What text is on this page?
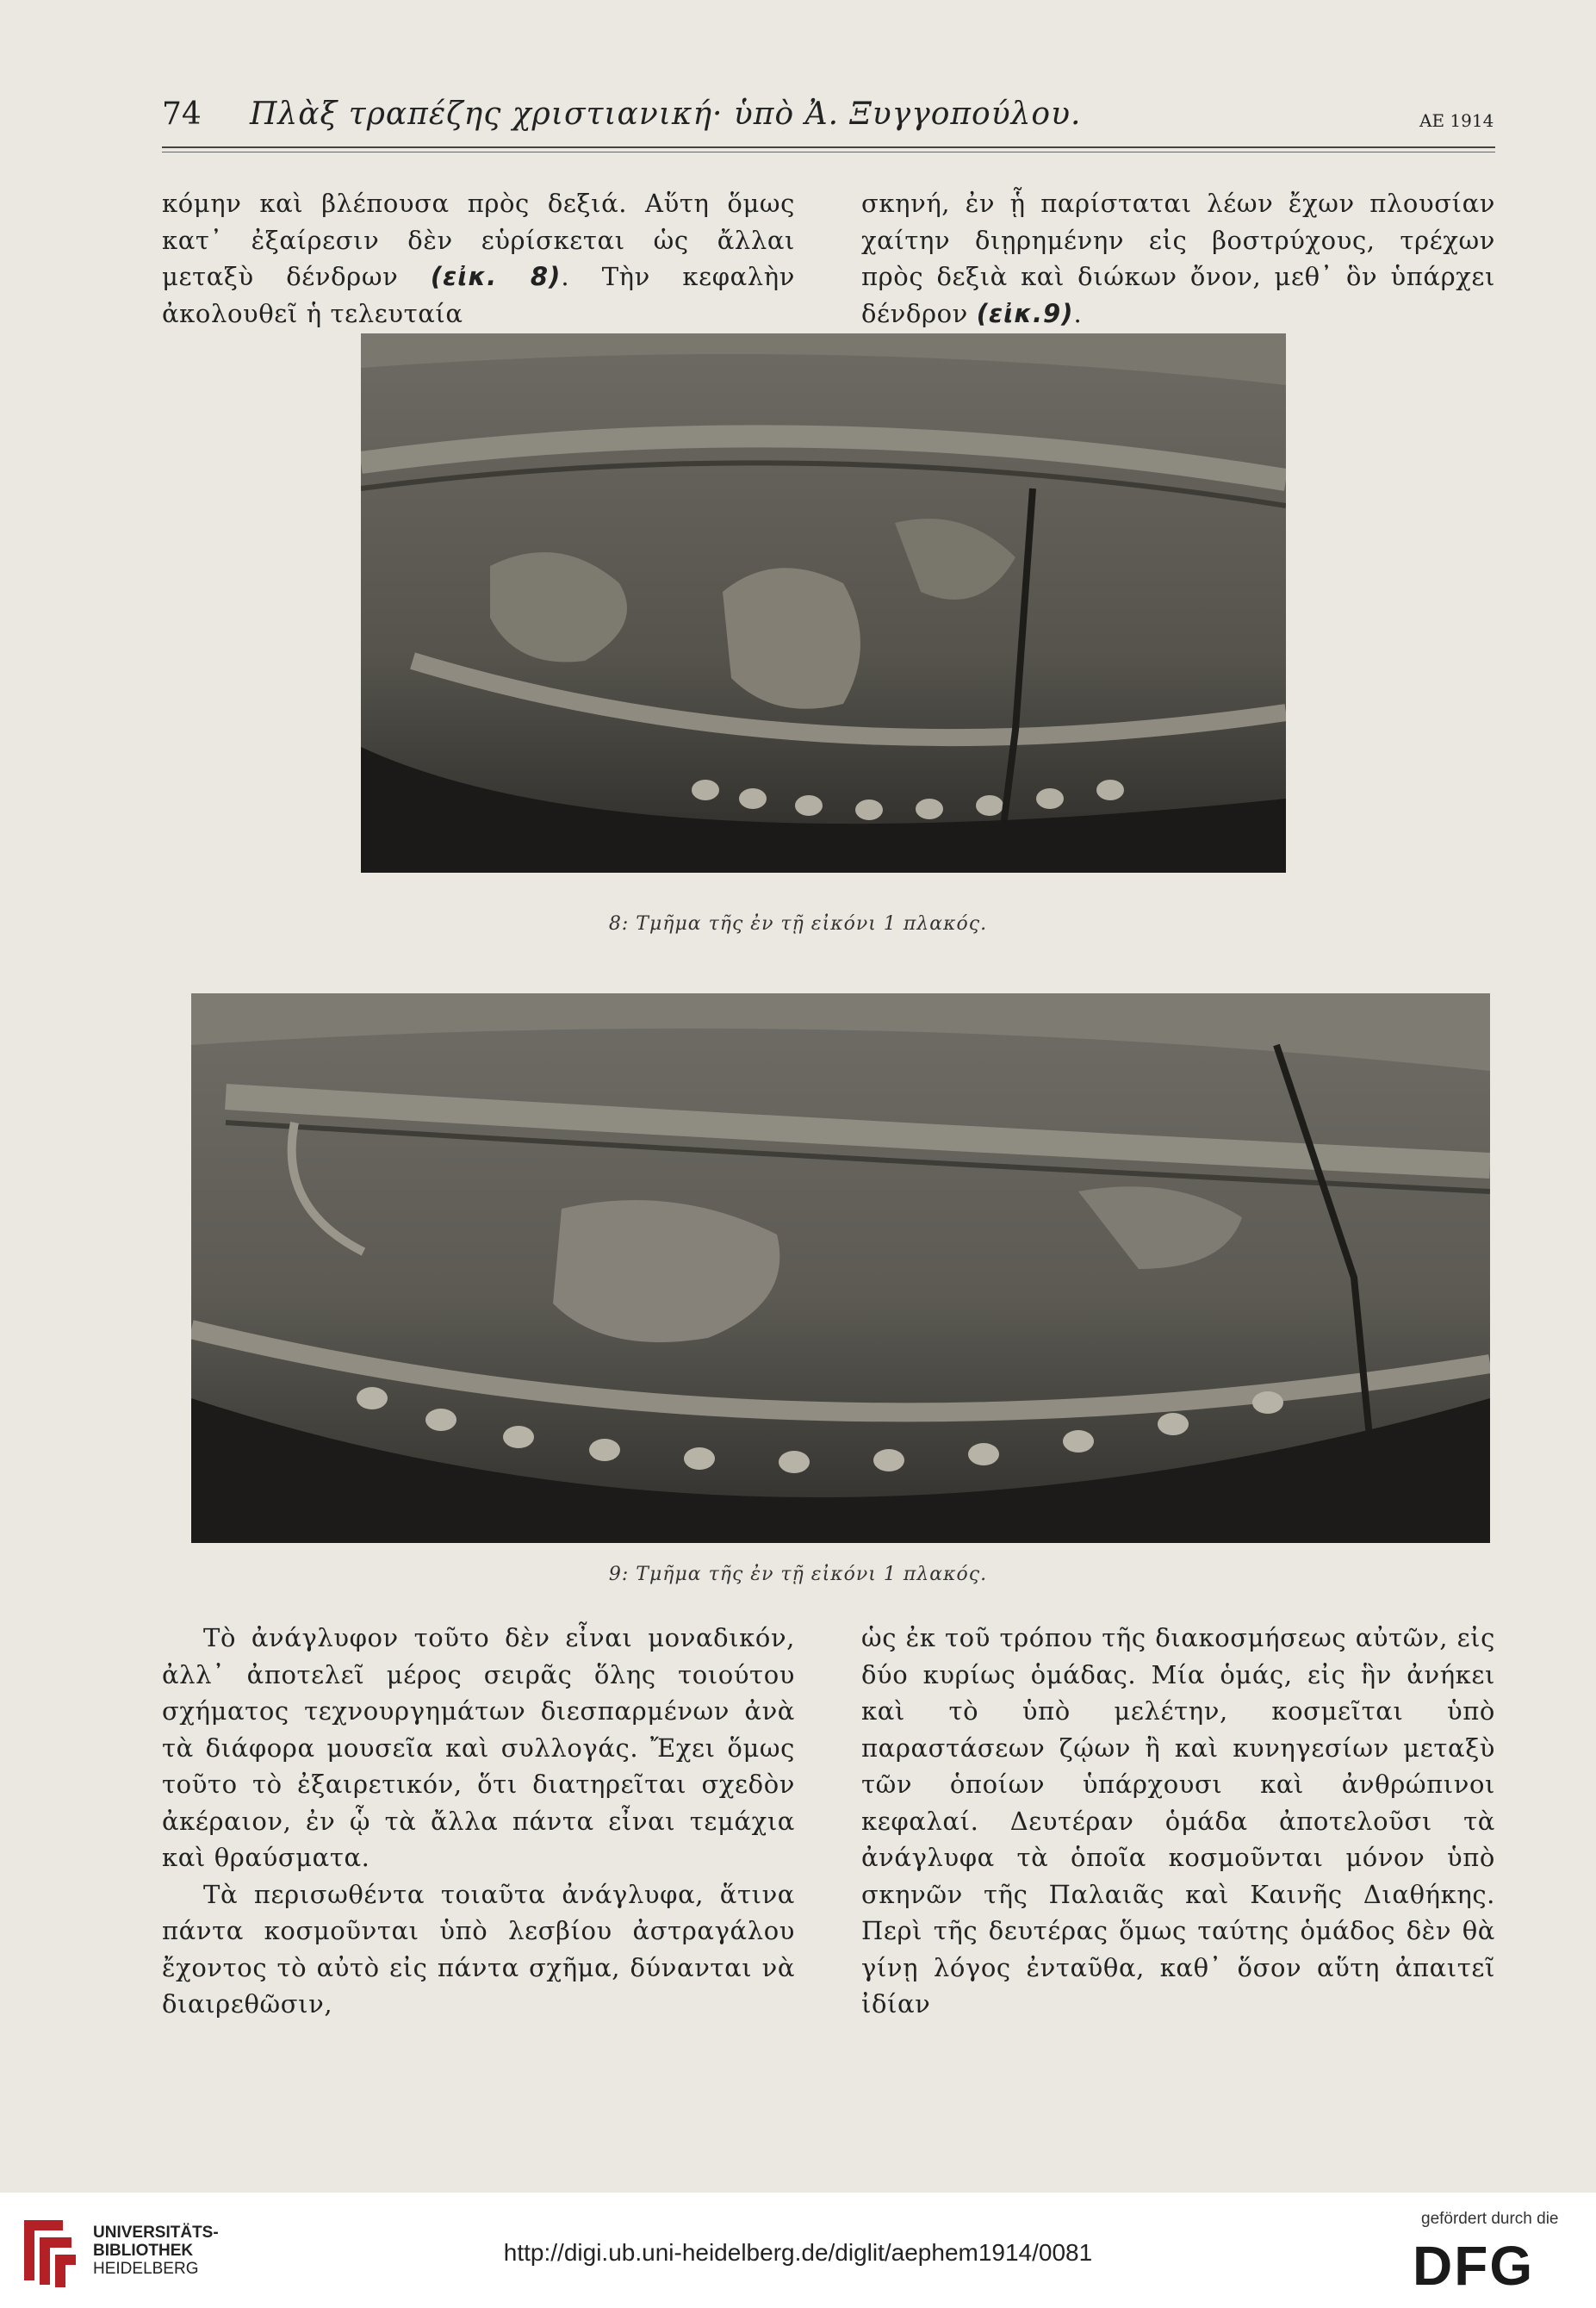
74 Πλὰξ τραπέζης χριστιανική· ὑπὸ Ἀ. Ξυγγοπούλου.	ΑΕ 1914

κόμην καὶ βλέπουσα πρὸς δεξιά. Αὕτη ὅμως κατ᾽ ἐξαίρεσιν δὲν εὑρίσκεται ὡς ἄλλαι μεταξὺ δένδρων (εἰκ. 8). Τὴν κεφαλὴν ἀκολουθεῖ ἡ τελευταία

σκηνή, ἐν ᾗ παρίσταται λέων ἔχων πλουσίαν χαίτην διῃρημένην εἰς βοστρύχους, τρέχων πρὸς δεξιὰ καὶ διώκων ὄνον, μεθ᾽ ὃν ὑπάρχει δένδρον (εἰκ.9).

8: Τμῆμα τῆς ἐν τῇ εἰκόνι 1 πλακός.
9: Τμῆμα τῆς ἐν τῇ εἰκόνι 1 πλακός.

Τὸ ἀνάγλυφον τοῦτο δὲν εἶναι μοναδικόν, ἀλλ᾽ ἀποτελεῖ μέρος σειρᾶς ὅλης τοιούτου σχήματος τεχνουργημάτων διεσπαρμένων ἀνὰ τὰ διάφορα μουσεῖα καὶ συλλογάς. Ἔχει ὅμως τοῦτο τὸ ἐξαιρετικόν, ὅτι διατηρεῖται σχεδὸν ἀκέραιον, ἐν ᾧ τὰ ἄλλα πάντα εἶναι τεμάχια καὶ θραύσματα.

Τὰ περισωθέντα τοιαῦτα ἀνάγλυφα, ἅτινα πάντα κοσμοῦνται ὑπὸ λεσβίου ἀστραγάλου ἔχοντος τὸ αὐτὸ εἰς πάντα σχῆμα, δύνανται νὰ διαιρεθῶσιν,

ὡς ἐκ τοῦ τρόπου τῆς διακοσμήσεως αὐτῶν, εἰς δύο κυρίως ὁμάδας. Μία ὁμάς, εἰς ἣν ἀνήκει καὶ τὸ ὑπὸ μελέτην, κοσμεῖται ὑπὸ παραστάσεων ζῴων ἢ καὶ κυνηγεσίων μεταξὺ τῶν ὁποίων ὑπάρχουσι καὶ ἀνθρώπινοι κεφαλαί. Δευτέραν ὁμάδα ἀποτελοῦσι τὰ ἀνάγλυφα τὰ ὁποῖα κοσμοῦνται μόνον ὑπὸ σκηνῶν τῆς Παλαιᾶς καὶ Καινῆς Διαθήκης. Περὶ τῆς δευτέρας ὅμως ταύτης ὁμάδος δὲν θὰ γίνῃ λόγος ἐνταῦθα, καθ᾽ ὅσον αὕτη ἀπαιτεῖ ἰδίαν

UNIVERSITÄTS-
BIBLIOTHEK
HEIDELBERG
http://digi.ub.uni-heidelberg.de/diglit/aephem1914/0081
gefördert durch die
DFG
